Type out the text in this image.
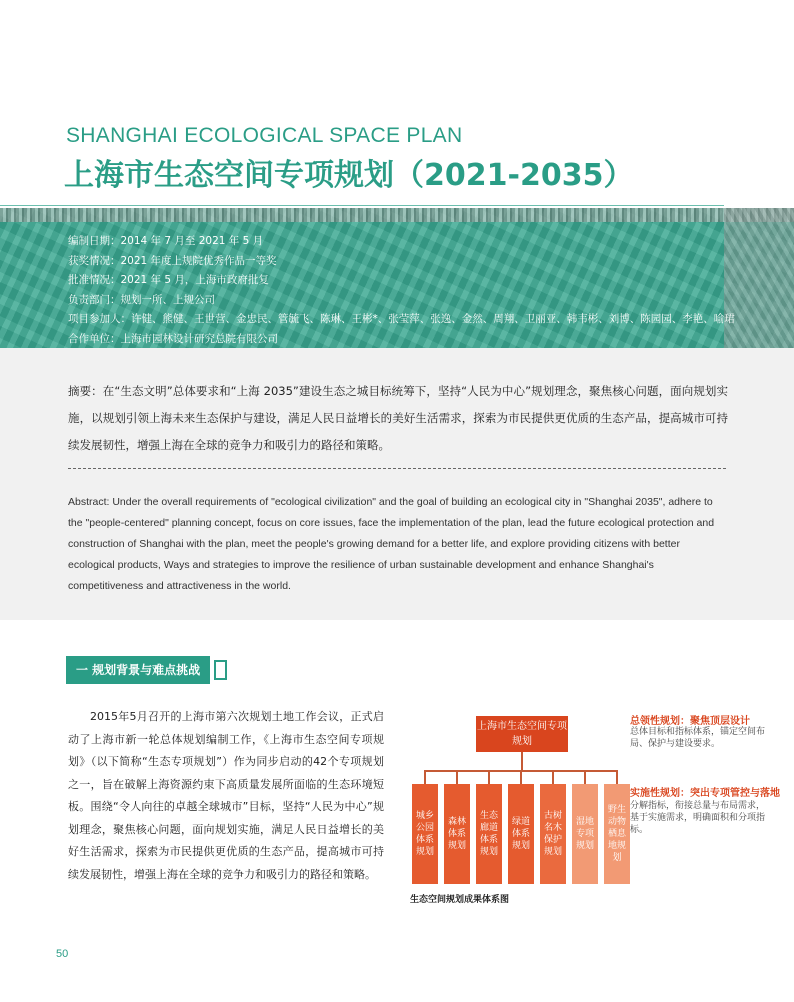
SHANGHAI ECOLOGICAL SPACE PLAN
上海市生态空间专项规划（2021-2035）
编制日期：2014 年 7 月至 2021 年 5 月
获奖情况：2021 年度上规院优秀作品一等奖
批准情况：2021 年 5 月，上海市政府批复
负责部门：规划一所、上规公司
项目参加人：许健、熊健、王世营、金忠民、管毓飞、陈琳、王彬*、张莹萍、张逸、金然、周翔、卫丽亚、韩韦彬、刘博、陈园园、李艳、喻珺
合作单位：上海市园林设计研究总院有限公司
摘要：在“生态文明”总体要求和“上海 2035”建设生态之城目标统筹下，坚持“人民为中心”规划理念，聚焦核心问题，面向规划实施，以规划引领上海未来生态保护与建设，满足人民日益增长的美好生活需求，探索为市民提供更优质的生态产品，提高城市可持续发展韧性，增强上海在全球的竞争力和吸引力的路径和策略。
Abstract: Under the overall requirements of "ecological civilization" and the goal of building an ecological city in "Shanghai 2035", adhere to the "people-centered" planning concept, focus on core issues, face the implementation of the plan, lead the future ecological protection and construction of Shanghai with the plan, meet the people's growing demand for a better life, and explore providing citizens with better ecological products, Ways and strategies to improve the resilience of urban sustainable development and enhance Shanghai's competitiveness and attractiveness in the world.
一 规划背景与难点挑战
2015年5月召开的上海市第六次规划土地工作会议，正式启动了上海市新一轮总体规划编制工作，《上海市生态空间专项规划》（以下简称“生态专项规划”）作为同步启动的42个专项规划之一，旨在破解上海资源约束下高质量发展所面临的生态环境短板。围绕“令人向往的卓越全球城市”目标，坚持“人民为中心”规划理念，聚焦核心问题，面向规划实施，满足人民日益增长的美好生活需求，探索为市民提供更优质的生态产品，提高城市可持续发展韧性，增强上海在全球的竞争力和吸引力的路径和策略。
上海市生态空间专项规划
城乡公园体系规划
森林体系规划
生态廊道体系规划
绿道体系规划
古树名木保护规划
湿地专项规划
野生动物栖息地规划
生态空间规划成果体系图
总领性规划：聚焦顶层设计
总体目标和指标体系，锚定空间布局、保护与建设要求。
实施性规划：突出专项管控与落地
分解指标，衔接总量与布局需求，基于实施需求，明确面积和分项指标。
50
